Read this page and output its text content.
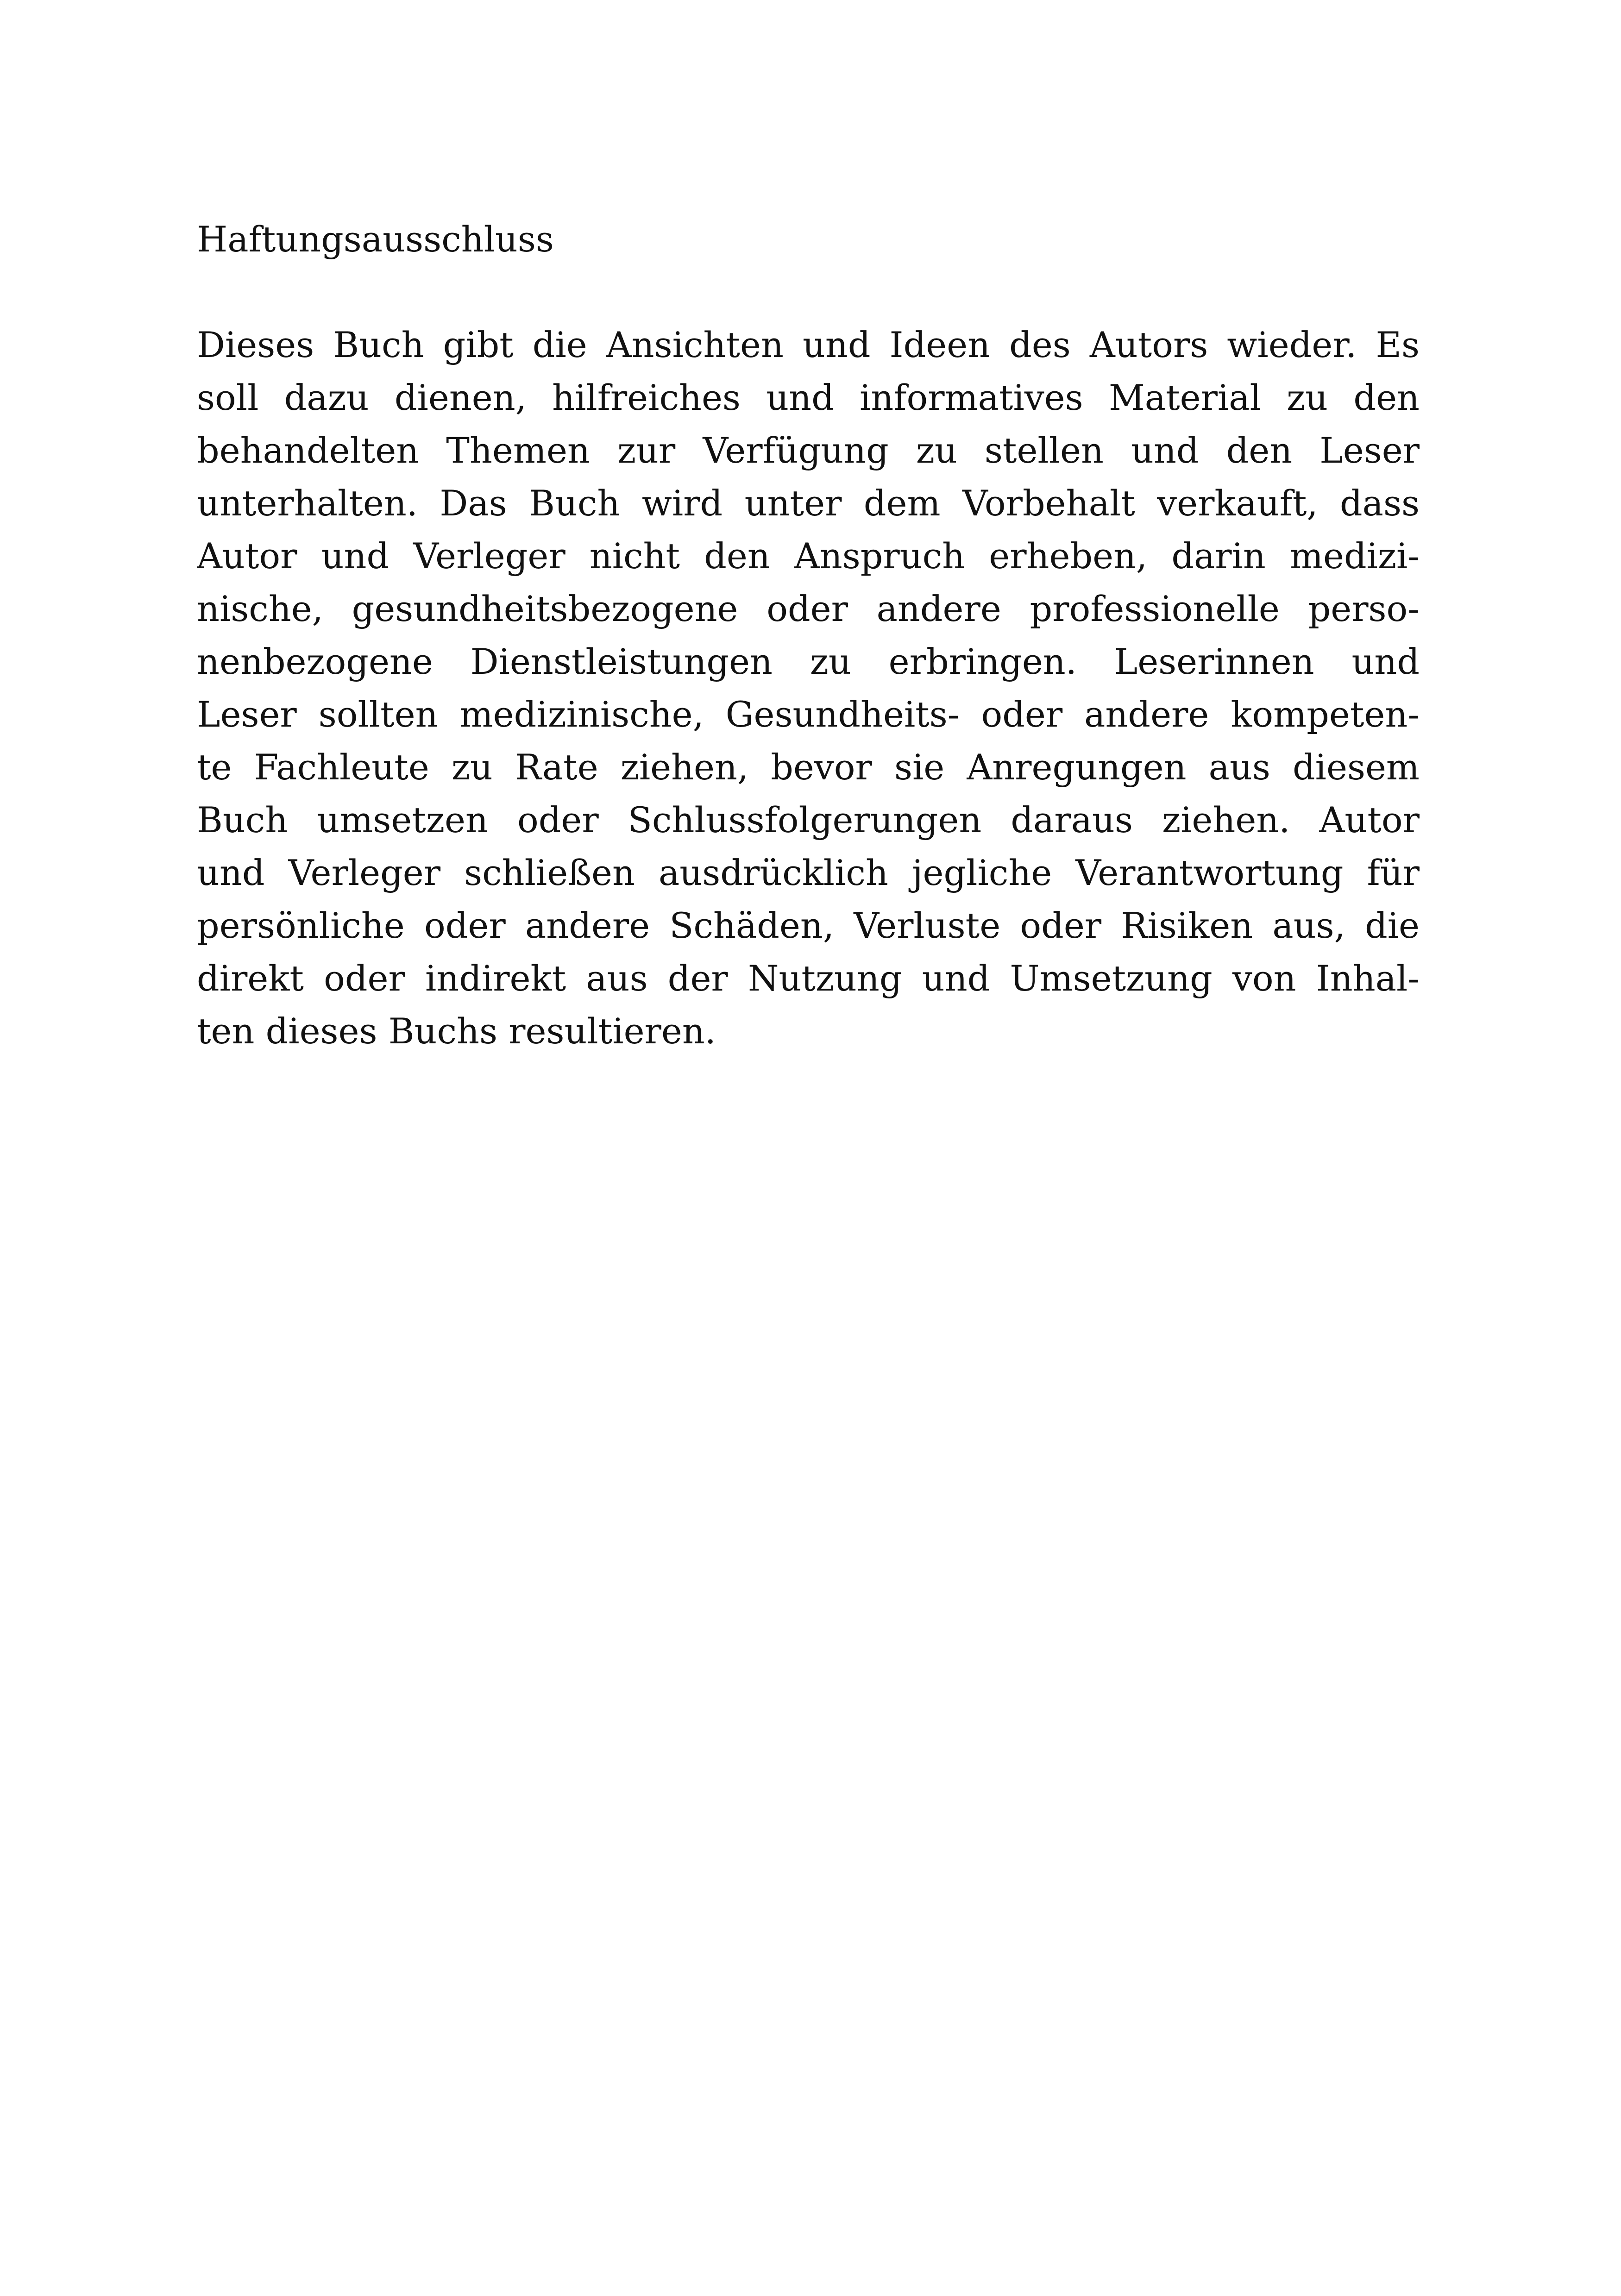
Haftungsausschluss

Dieses Buch gibt die Ansichten und Ideen des Autors wieder. Es
soll dazu dienen, hilfreiches und informatives Material zu den
behandelten Themen zur Verfügung zu stellen und den Leser
unterhalten. Das Buch wird unter dem Vorbehalt verkauft, dass
Autor und Verleger nicht den Anspruch erheben, darin medizi-
nische, gesundheitsbezogene oder andere professionelle perso-
nenbezogene Dienstleistungen zu erbringen. Leserinnen und
Leser sollten medizinische, Gesundheits- oder andere kompeten-
te Fachleute zu Rate ziehen, bevor sie Anregungen aus diesem
Buch umsetzen oder Schlussfolgerungen daraus ziehen. Autor
und Verleger schließen ausdrücklich jegliche Verantwortung für
persönliche oder andere Schäden, Verluste oder Risiken aus, die
direkt oder indirekt aus der Nutzung und Umsetzung von Inhal-
ten dieses Buchs resultieren.
